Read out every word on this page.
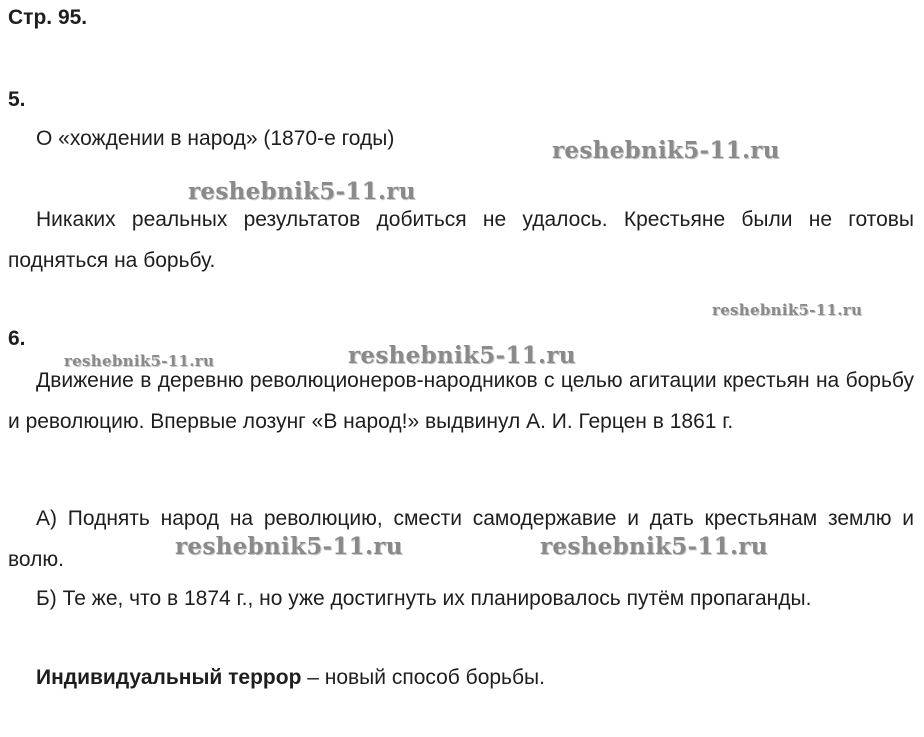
Стр. 95.
5.
О «хождении в народ» (1870-е годы)
Никаких реальных результатов добиться не удалось. Крестьяне были не готовы подняться на борьбу.
6.
Движение в деревню революционеров-народников с целью агитации крестьян на борьбу и революцию. Впервые лозунг «В народ!» выдвинул А. И. Герцен в 1861 г.
А) Поднять народ на революцию, смести самодержавие и дать крестьянам землю и волю.
Б) Те же, что в 1874 г., но уже достигнуть их планировалось путём пропаганды.
Индивидуальный террор – новый способ борьбы.
reshebnik5-11.ru
reshebnik5-11.ru
reshebnik5-11.ru
reshebnik5-11.ru	reshebnik5-11.ru
reshebnik5-11.ru	reshebnik5-11.ru
